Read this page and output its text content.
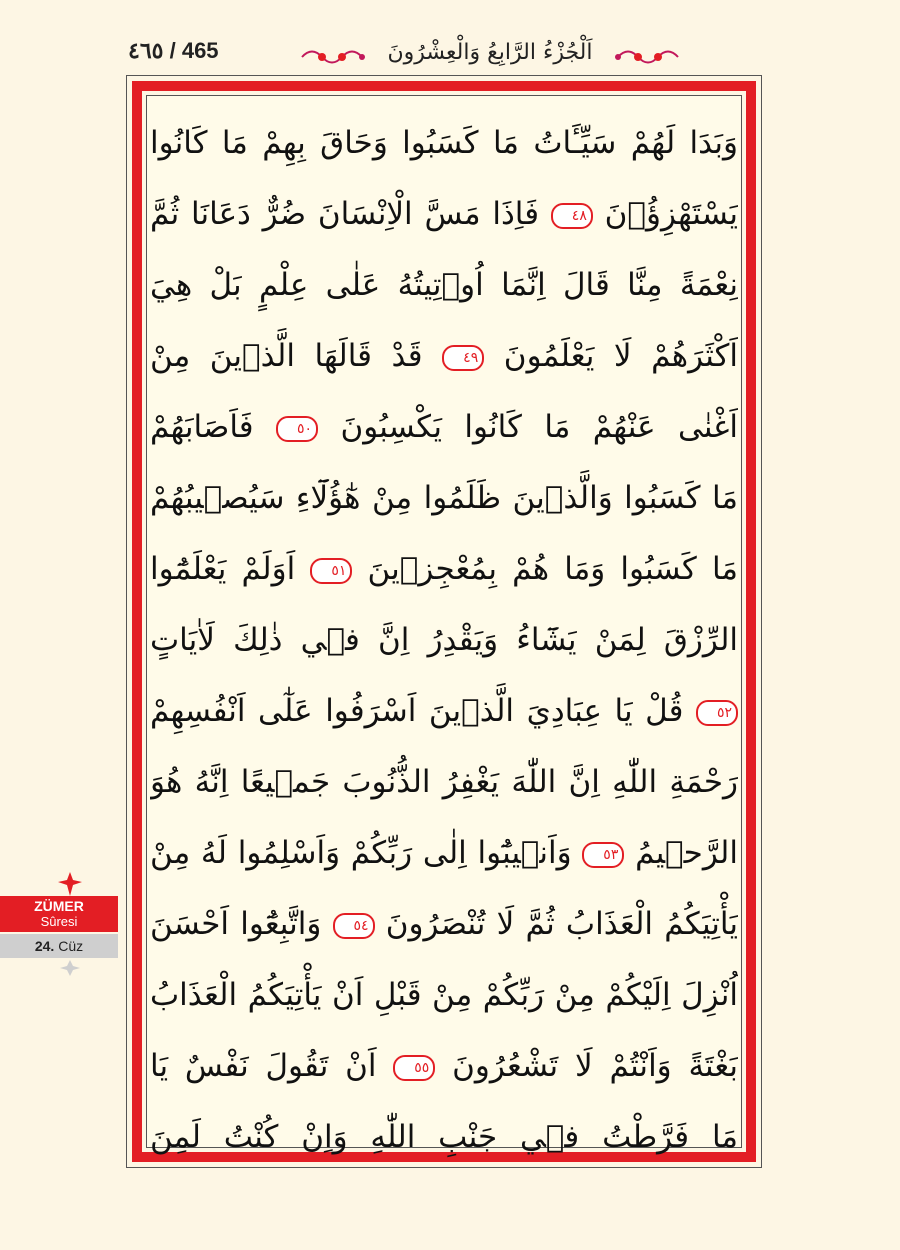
٤٦٥ / 465	اَلْجُزْءُ الرَّابِعُ وَالْعِشْرُونَ
وَبَدَا لَهُمْ سَيِّـَٔاتُ مَا كَسَبُوا وَحَاقَ بِهِمْ مَا كَانُوا
يَسْتَهْزِؤُ۫نَ ٤٨ فَاِذَا مَسَّ الْاِنْسَانَ ضُرٌّ دَعَانَا ثُمَّ
نِعْمَةً مِنَّا قَالَ اِنَّمَا اُو۫تِيتُهُ عَلٰى عِلْمٍ بَلْ هِيَ
اَكْثَرَهُمْ لَا يَعْلَمُونَ ٤٩ قَدْ قَالَهَا الَّذ۪ينَ مِنْ
اَغْنٰى عَنْهُمْ مَا كَانُوا يَكْسِبُونَ ٥٠ فَاَصَابَهُمْ
مَا كَسَبُوا وَالَّذ۪ينَ ظَلَمُوا مِنْ هٰٓؤُلَٓاءِ سَيُص۪يبُهُمْ
مَا كَسَبُوا وَمَا هُمْ بِمُعْجِز۪ينَ ٥١ اَوَلَمْ يَعْلَمُٓوا
الرِّزْقَ لِمَنْ يَشَٓاءُ وَيَقْدِرُ اِنَّ ف۪ي ذٰلِكَ لَاٰيَاتٍ
٥٢ قُلْ يَا عِبَادِيَ الَّذ۪ينَ اَسْرَفُوا عَلٰٓى اَنْفُسِهِمْ
رَحْمَةِ اللّٰهِ اِنَّ اللّٰهَ يَغْفِرُ الذُّنُوبَ جَم۪يعًا اِنَّهُ هُوَ
الرَّح۪يمُ ٥٣ وَاَن۪يبُٓوا اِلٰى رَبِّكُمْ وَاَسْلِمُوا لَهُ مِنْ
يَأْتِيَكُمُ الْعَذَابُ ثُمَّ لَا تُنْصَرُونَ ٥٤ وَاتَّبِعُٓوا اَحْسَنَ
اُنْزِلَ اِلَيْكُمْ مِنْ رَبِّكُمْ مِنْ قَبْلِ اَنْ يَأْتِيَكُمُ الْعَذَابُ
بَغْتَةً وَاَنْتُمْ لَا تَشْعُرُونَ ٥٥ اَنْ تَقُولَ نَفْسٌ يَا
مَا فَرَّطْتُ ف۪ي جَنْبِ اللّٰهِ وَاِنْ كُنْتُ لَمِنَ
ZÜMER
Sûresi
24. Cüz
